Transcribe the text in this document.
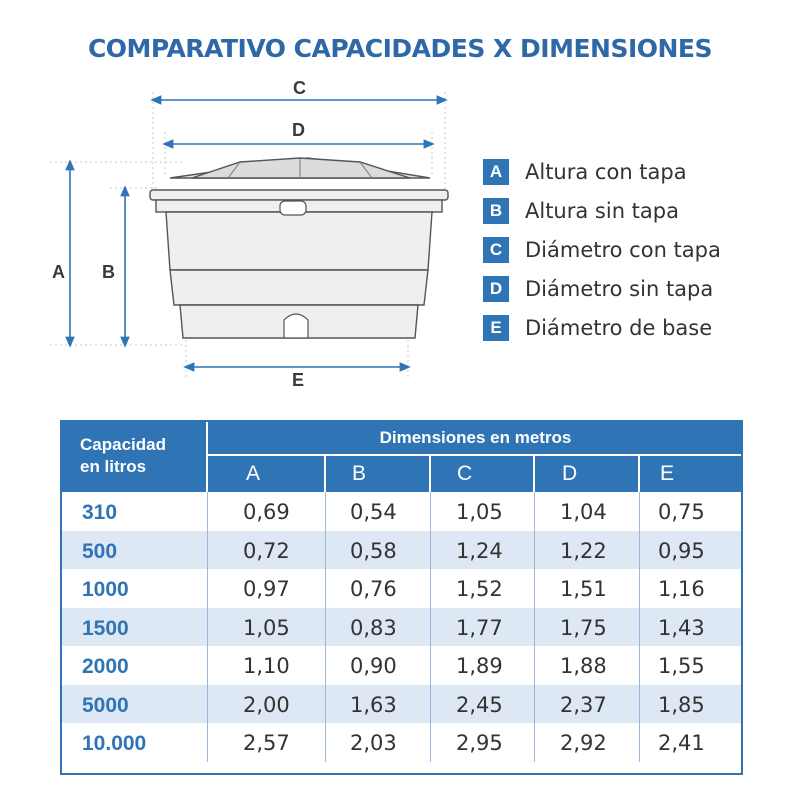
COMPARATIVO CAPACIDADES X DIMENSIONES
C
D
E
A B
A	Altura con tapa
B	Altura sin tapa
C	Diámetro con tapa
D	Diámetro sin tapa
E	Diámetro de base
Capacidad
en litros
Dimensiones en metros
A	B	C	D	E
310	0,69	0,54	1,05	1,04 0,75
500	0,72	0,58	1,24	1,22 0,95
1000	0,97	0,76	1,52	1,51 1,16
1500	1,05	0,83	1,77	1,75 1,43
2000	1,10	0,90	1,89	1,88 1,55
5000	2,00	1,63	2,45	2,37 1,85
10.000	2,57	2,03	2,95	2,92 2,41
